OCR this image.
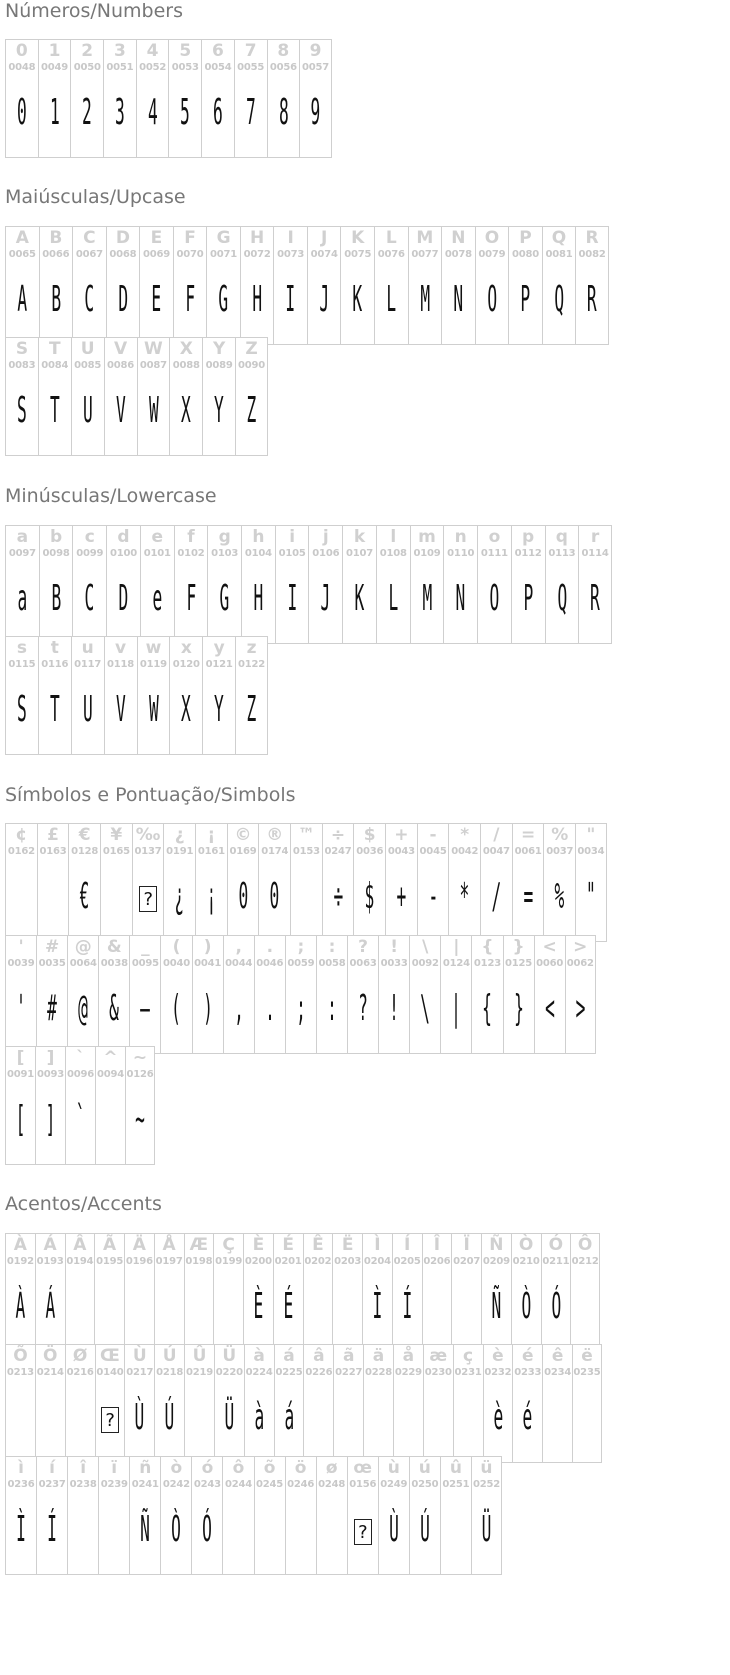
Números/Numbers
0
0048
0
1
0049
1
2
0050
2
3
0051
3
4
0052
4
5
0053
5
6
0054
6
7
0055
7
8
0056
8
9
0057
9
Maiúsculas/Upcase
A
0065
A
B
0066
B
C
0067
C
D
0068
D
E
0069
E
F
0070
F
G
0071
G
H
0072
H
I
0073
I
J
0074
J
K
0075
K
L
0076
L
M
0077
M
N
0078
N
O
0079
O
P
0080
P
Q
0081
Q
R
0082
R
S
0083
S
T
0084
T
U
0085
U
V
0086
V
W
0087
W
X
0088
X
Y
0089
Y
Z
0090
Z
Minúsculas/Lowercase
a
0097
a
b
0098
B
c
0099
C
d
0100
D
e
0101
e
f
0102
F
g
0103
G
h
0104
H
i
0105
I
j
0106
J
k
0107
K
l
0108
L
m
0109
M
n
0110
N
o
0111
O
p
0112
P
q
0113
Q
r
0114
R
s
0115
S
t
0116
T
u
0117
U
v
0118
V
w
0119
W
x
0120
X
y
0121
Y
z
0122
Z
Símbolos e Pontuação/Simbols
¢
0162
£
0163
€
0128
€
¥
0165
‰
0137
?
¿
0191
¿
¡
0161
¡
©
0169
0
®
0174
0
™
0153
÷
0247
÷
$
0036
$
+
0043
+
-
0045
-
*
0042
*
/
0047
/
=
0061
=
%
0037
%
"
0034
"
'
0039
'
#
0035
#
@
0064
@
&
0038
&
_
0095
—
(
0040
(
)
0041
)
,
0044
,
.
0046
.
;
0059
;
:
0058
:
?
0063
?
!
0033
!
\
0092
\
|
0124
|
{
0123
{
}
0125
}
<
0060
<
>
0062
>
[
0091
[
]
0093
]
`
0096
`
^
0094
~
0126
~
Acentos/Accents
À
0192
À
Á
0193
Á
Â
0194
Ã
0195
Ä
0196
Å
0197
Æ
0198
Ç
0199
È
0200
È
É
0201
É
Ê
0202
Ë
0203
Ì
0204
Ì
Í
0205
Í
Î
0206
Ï
0207
Ñ
0209
Ñ
Ò
0210
Ò
Ó
0211
Ó
Ô
0212
Õ
0213
Ö
0214
Ø
0216
Œ
0140
?
Ù
0217
Ù
Ú
0218
Ú
Û
0219
Ü
0220
Ü
à
0224
à
á
0225
á
â
0226
ã
0227
ä
0228
å
0229
æ
0230
ç
0231
è
0232
è
é
0233
é
ê
0234
ë
0235
ì
0236
Ì
í
0237
Í
î
0238
ï
0239
ñ
0241
Ñ
ò
0242
Ò
ó
0243
Ó
ô
0244
õ
0245
ö
0246
ø
0248
œ
0156
?
ù
0249
Ù
ú
0250
Ú
û
0251
ü
0252
Ü
